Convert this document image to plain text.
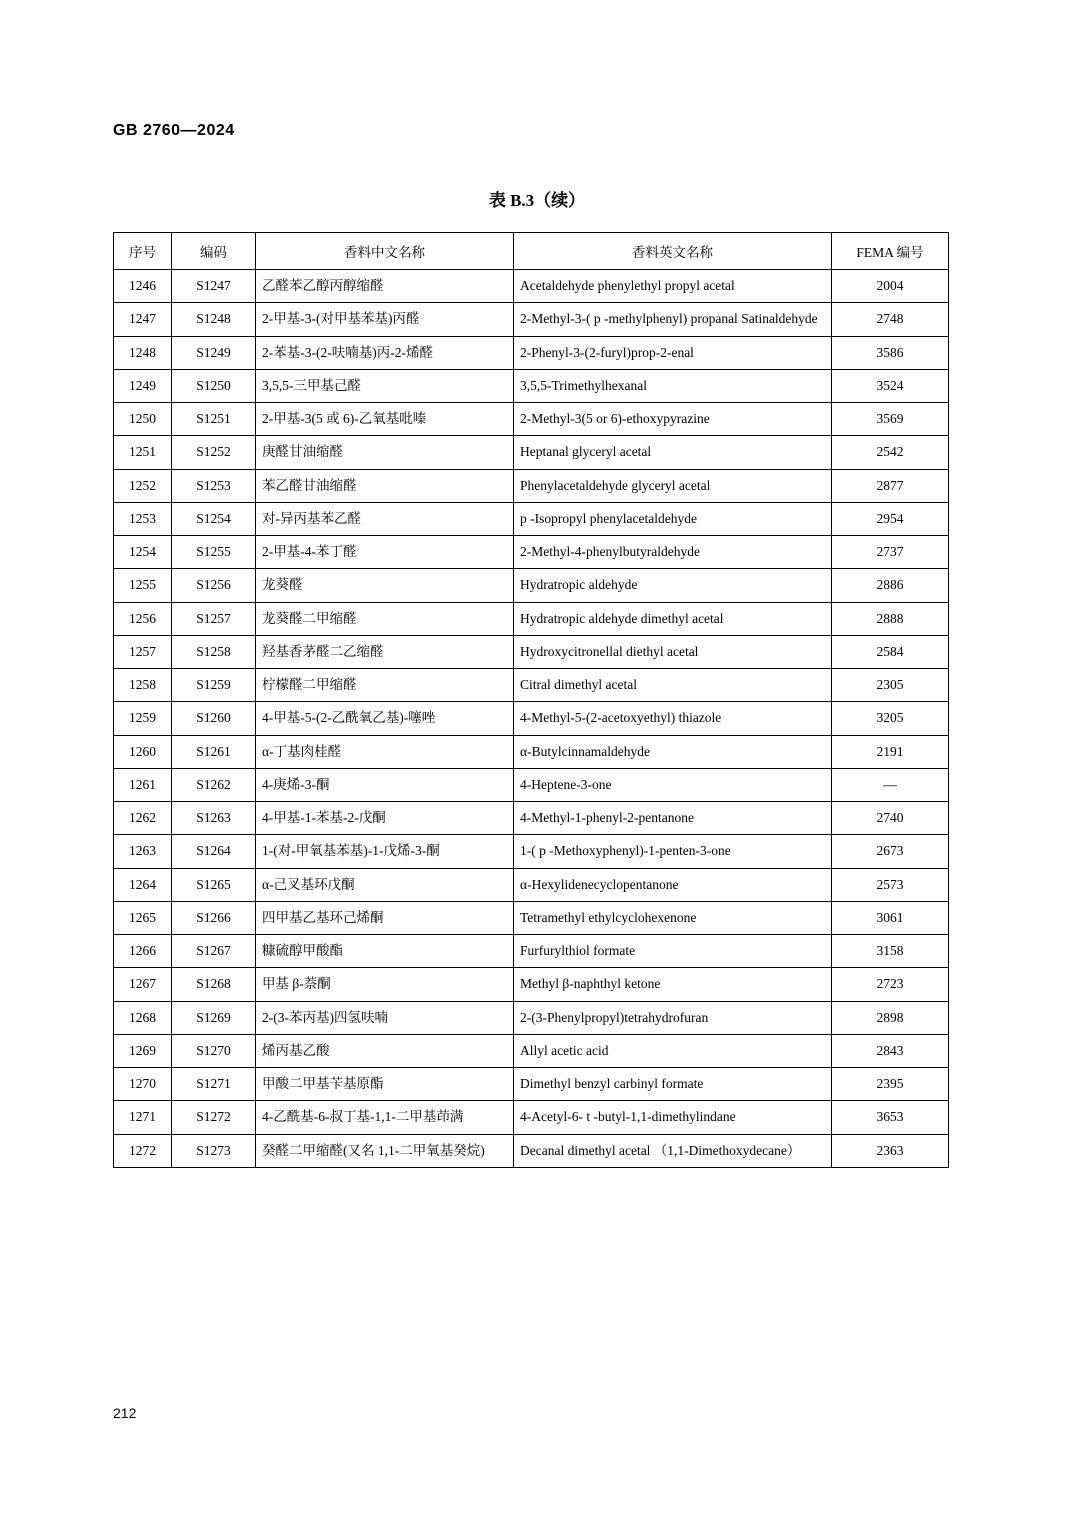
GB 2760—2024
表 B.3（续）
序号	编码	香料中文名称	香料英文名称	FEMA 编号
1246	S1247	乙醛苯乙醇丙醇缩醛	Acetaldehyde phenylethyl propyl acetal	2004
1247	S1248	2-甲基-3-(对甲基苯基)丙醛	2-Methyl-3-( p -methylphenyl) propanal Satinaldehyde	2748
1248	S1249	2-苯基-3-(2-呋喃基)丙-2-烯醛	2-Phenyl-3-(2-furyl)prop-2-enal	3586
1249	S1250	3,5,5-三甲基己醛	3,5,5-Trimethylhexanal	3524
1250	S1251	2-甲基-3(5 或 6)-乙氧基吡嗪	2-Methyl-3(5 or 6)-ethoxypyrazine	3569
1251	S1252	庚醛甘油缩醛	Heptanal glyceryl acetal	2542
1252	S1253	苯乙醛甘油缩醛	Phenylacetaldehyde glyceryl acetal	2877
1253	S1254	对-异丙基苯乙醛	p -Isopropyl phenylacetaldehyde	2954
1254	S1255	2-甲基-4-苯丁醛	2-Methyl-4-phenylbutyraldehyde	2737
1255	S1256	龙葵醛	Hydratropic aldehyde	2886
1256	S1257	龙葵醛二甲缩醛	Hydratropic aldehyde dimethyl acetal	2888
1257	S1258	羟基香茅醛二乙缩醛	Hydroxycitronellal diethyl acetal	2584
1258	S1259	柠檬醛二甲缩醛	Citral dimethyl acetal	2305
1259	S1260	4-甲基-5-(2-乙酰氧乙基)-噻唑	4-Methyl-5-(2-acetoxyethyl) thiazole	3205
1260	S1261	α-丁基肉桂醛	α-Butylcinnamaldehyde	2191
1261	S1262	4-庚烯-3-酮	4-Heptene-3-one	—
1262	S1263	4-甲基-1-苯基-2-戊酮	4-Methyl-1-phenyl-2-pentanone	2740
1263	S1264	1-(对-甲氧基苯基)-1-戊烯-3-酮	1-( p -Methoxyphenyl)-1-penten-3-one	2673
1264	S1265	α-己叉基环戊酮	α-Hexylidenecyclopentanone	2573
1265	S1266	四甲基乙基环己烯酮	Tetramethyl ethylcyclohexenone	3061
1266	S1267	糠硫醇甲酸酯	Furfurylthiol formate	3158
1267	S1268	甲基 β-萘酮	Methyl β-naphthyl ketone	2723
1268	S1269	2-(3-苯丙基)四氢呋喃	2-(3-Phenylpropyl)tetrahydrofuran	2898
1269	S1270	烯丙基乙酸	Allyl acetic acid	2843
1270	S1271	甲酸二甲基苄基原酯	Dimethyl benzyl carbinyl formate	2395
1271	S1272	4-乙酰基-6-叔丁基-1,1-二甲基茚满	4-Acetyl-6- t -butyl-1,1-dimethylindane	3653
1272	S1273	癸醛二甲缩醛(又名 1,1-二甲氧基癸烷)	Decanal dimethyl acetal （1,1-Dimethoxydecane）	2363
212
